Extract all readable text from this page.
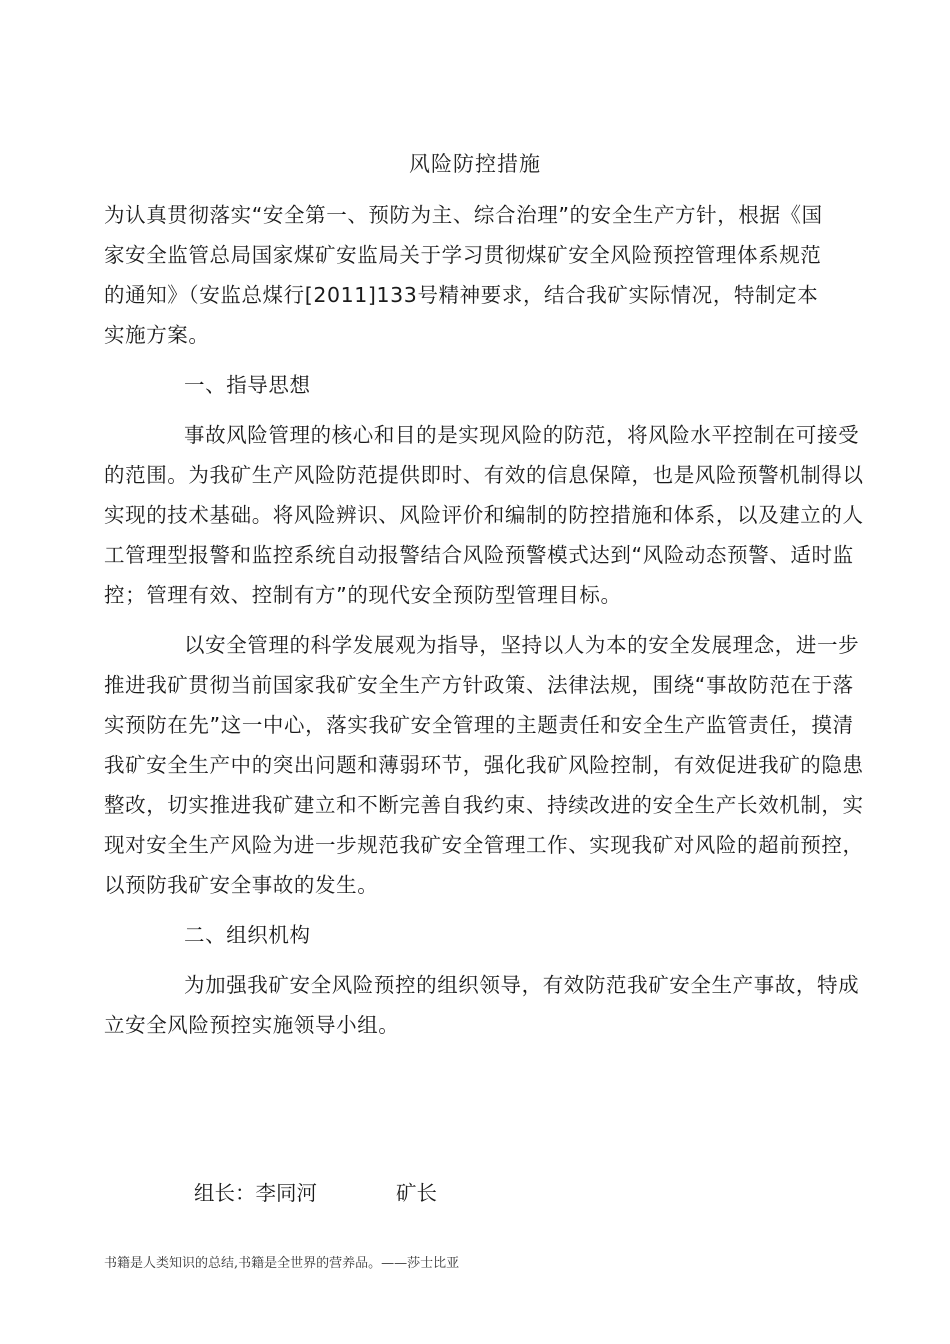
风险防控措施

为认真贯彻落实“安全第一、预防为主、综合治理”的安全生产方针，根据《国家安全监管总局国家煤矿安监局关于学习贯彻煤矿安全风险预控管理体系规范的通知》（安监总煤行[2011]133号精神要求，结合我矿实际情况，特制定本实施方案。

一、指导思想

事故风险管理的核心和目的是实现风险的防范，将风险水平控制在可接受的范围。为我矿生产风险防范提供即时、有效的信息保障，也是风险预警机制得以实现的技术基础。将风险辨识、风险评价和编制的防控措施和体系，以及建立的人工管理型报警和监控系统自动报警结合风险预警模式达到“风险动态预警、适时监控；管理有效、控制有方”的现代安全预防型管理目标。

以安全管理的科学发展观为指导，坚持以人为本的安全发展理念，进一步推进我矿贯彻当前国家我矿安全生产方针政策、法律法规，围绕“事故防范在于落实预防在先”这一中心，落实我矿安全管理的主题责任和安全生产监管责任，摸清我矿安全生产中的突出问题和薄弱环节，强化我矿风险控制，有效促进我矿的隐患整改，切实推进我矿建立和不断完善自我约束、持续改进的安全生产长效机制，实现对安全生产风险为进一步规范我矿安全管理工作、实现我矿对风险的超前预控，以预防我矿安全事故的发生。

二、组织机构

为加强我矿安全风险预控的组织领导，有效防范我矿安全生产事故，特成立安全风险预控实施领导小组。

组长：李同河	矿长
书籍是人类知识的总结,书籍是全世界的营养品。——莎士比亚
